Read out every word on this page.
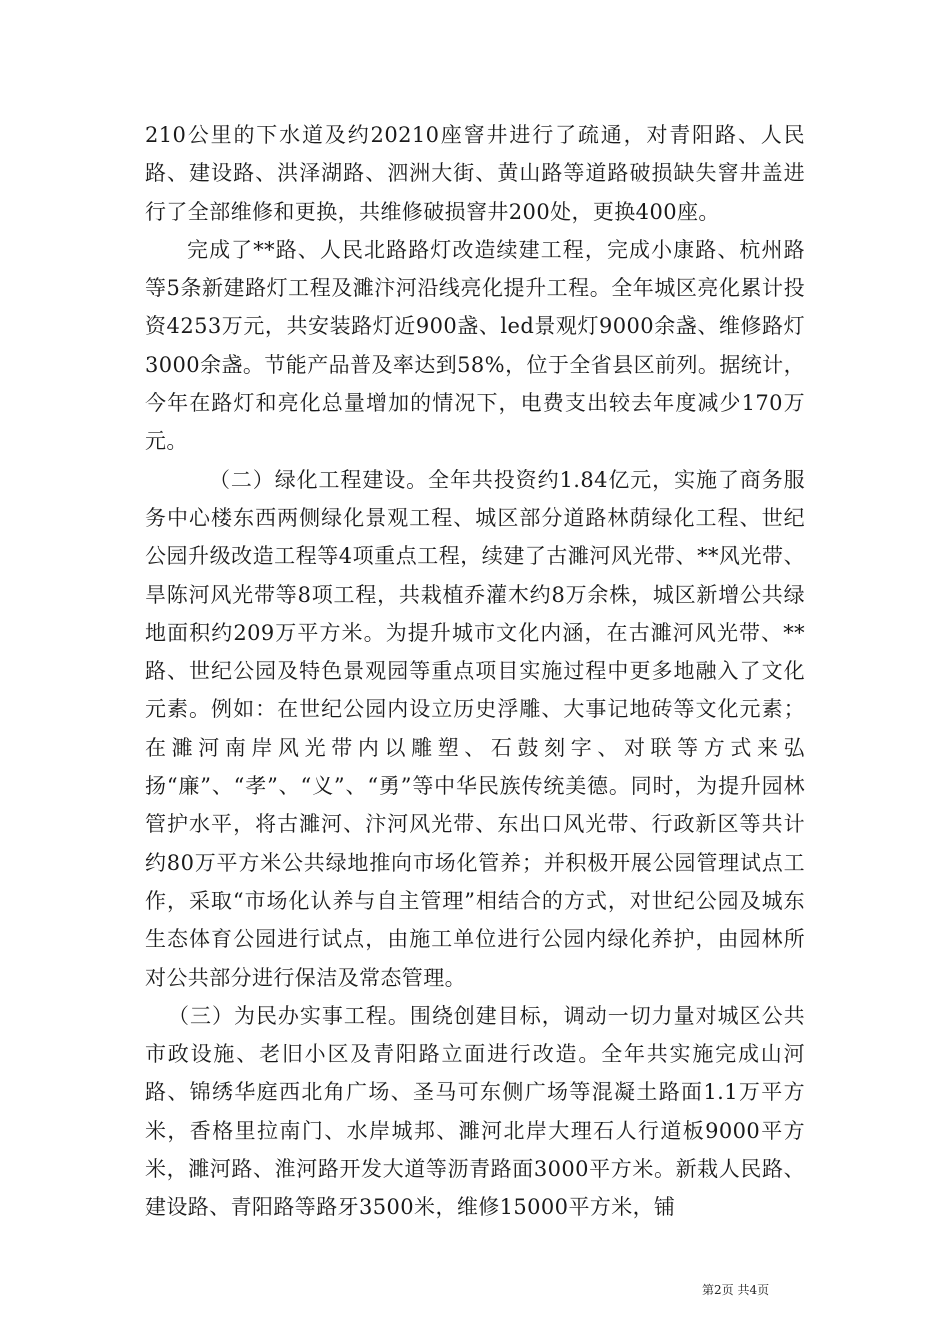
210公里的下水道及约20210座窨井进行了疏通，对青阳路、人民路、建设路、洪泽湖路、泗洲大街、黄山路等道路破损缺失窨井盖进行了全部维修和更换，共维修破损窨井200处，更换400座。

完成了**路、人民北路路灯改造续建工程，完成小康路、杭州路等5条新建路灯工程及濉汴河沿线亮化提升工程。全年城区亮化累计投资4253万元，共安装路灯近900盏、led景观灯9000余盏、维修路灯3000余盏。节能产品普及率达到58%，位于全省县区前列。据统计，今年在路灯和亮化总量增加的情况下，电费支出较去年度减少170万元。

（二）绿化工程建设。全年共投资约1.84亿元，实施了商务服务中心楼东西两侧绿化景观工程、城区部分道路林荫绿化工程、世纪公园升级改造工程等4项重点工程，续建了古濉河风光带、**风光带、旱陈河风光带等8项工程，共栽植乔灌木约8万余株，城区新增公共绿地面积约209万平方米。为提升城市文化内涵，在古濉河风光带、**路、世纪公园及特色景观园等重点项目实施过程中更多地融入了文化元素。例如：在世纪公园内设立历史浮雕、大事记地砖等文化元素；在濉河南岸风光带内以雕塑、石鼓刻字、对联等方式来弘扬“廉”、“孝”、“义”、“勇”等中华民族传统美德。同时，为提升园林管护水平，将古濉河、汴河风光带、东出口风光带、行政新区等共计约80万平方米公共绿地推向市场化管养；并积极开展公园管理试点工作，采取“市场化认养与自主管理”相结合的方式，对世纪公园及城东生态体育公园进行试点，由施工单位进行公园内绿化养护，由园林所对公共部分进行保洁及常态管理。

（三）为民办实事工程。围绕创建目标，调动一切力量对城区公共市政设施、老旧小区及青阳路立面进行改造。全年共实施完成山河路、锦绣华庭西北角广场、圣马可东侧广场等混凝土路面1.1万平方米，香格里拉南门、水岸城邦、濉河北岸大理石人行道板9000平方米，濉河路、淮河路开发大道等沥青路面3000平方米。新栽人民路、建设路、青阳路等路牙3500米，维修15000平方米，铺

第2页 共4页
